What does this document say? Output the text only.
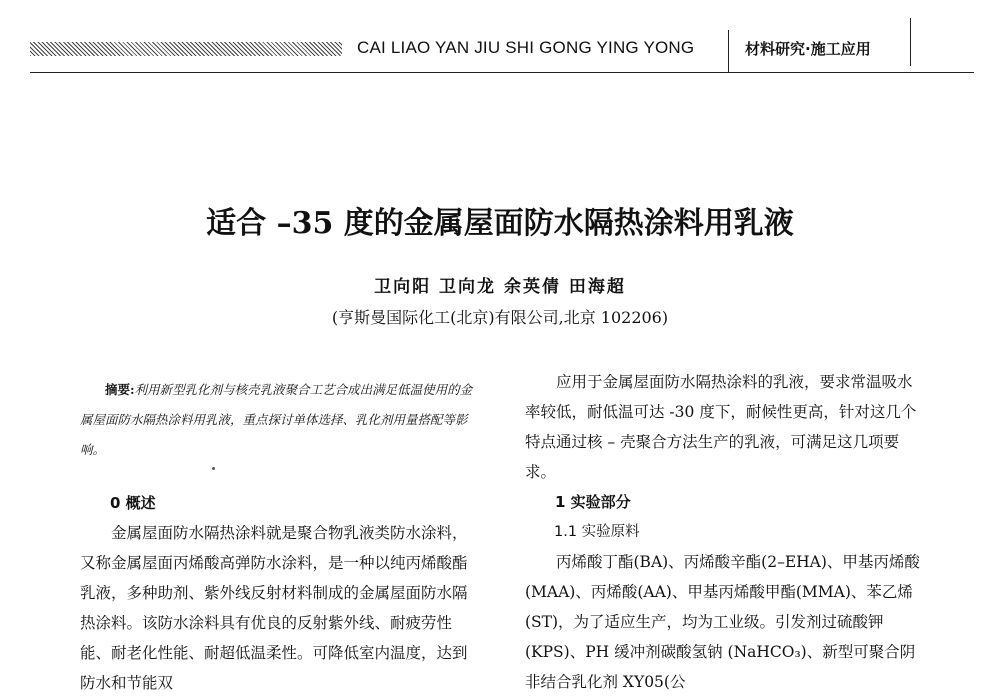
CAI LIAO YAN JIU SHI GONG YING YONG	材料研究·施工应用
适合 –35 度的金属屋面防水隔热涂料用乳液
卫向阳 卫向龙 余英倩 田海超
(亨斯曼国际化工(北京)有限公司,北京 102206)
摘要:利用新型乳化剂与核壳乳液聚合工艺合成出满足低温使用的金属屋面防水隔热涂料用乳液，重点探讨单体选择、乳化剂用量搭配等影响。

0 概述

金属屋面防水隔热涂料就是聚合物乳液类防水涂料，又称金属屋面丙烯酸高弹防水涂料，是一种以纯丙烯酸酯乳液，多种助剂、紫外线反射材料制成的金属屋面防水隔热涂料。该防水涂料具有优良的反射紫外线、耐疲劳性能、耐老化性能、耐超低温柔性。可降低室内温度，达到防水和节能双

应用于金属屋面防水隔热涂料的乳液，要求常温吸水率较低，耐低温可达 -30 度下，耐候性更高，针对这几个特点通过核 – 壳聚合方法生产的乳液，可满足这几项要求。

1 实验部分

1.1 实验原料

丙烯酸丁酯(BA)、丙烯酸辛酯(2–EHA)、甲基丙烯酸(MAA)、丙烯酸(AA)、甲基丙烯酸甲酯(MMA)、苯乙烯(ST)，为了适应生产，均为工业级。引发剂过硫酸钾 (KPS)、PH 缓冲剂碳酸氢钠 (NaHCO₃)、新型可聚合阴非结合乳化剂 XY05(公
